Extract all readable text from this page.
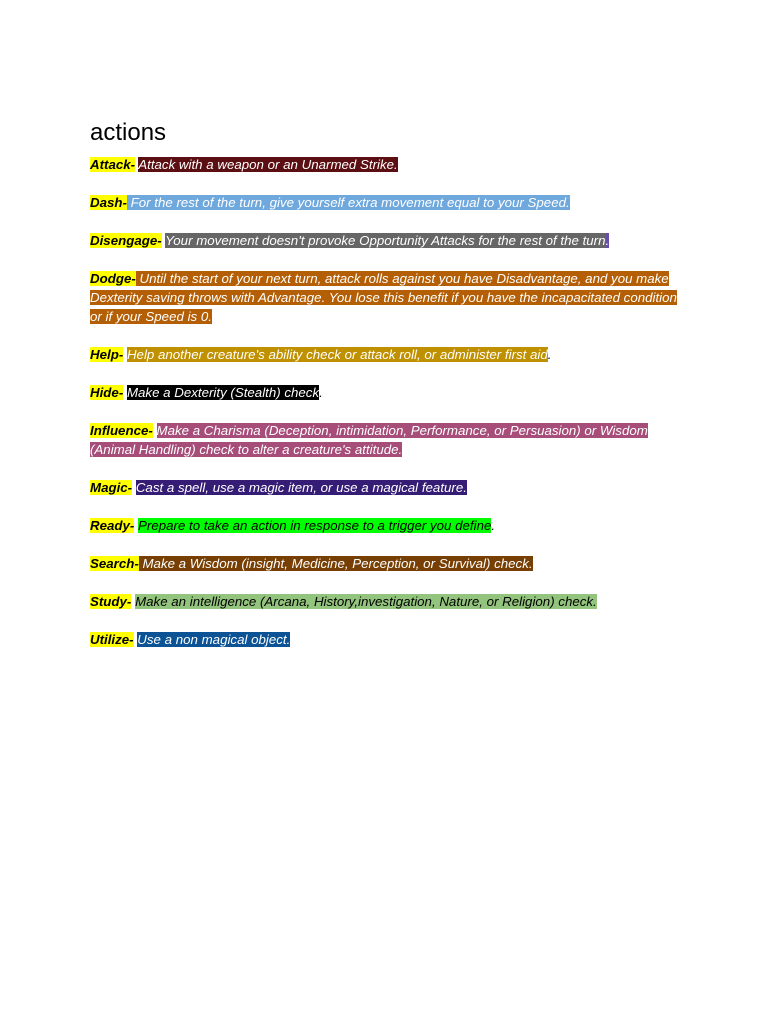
actions

Attack- Attack with a weapon or an Unarmed Strike.

Dash- For the rest of the turn, give yourself extra movement equal to your Speed.

Disengage- Your movement doesn't provoke Opportunity Attacks for the rest of the turn.

Dodge- Until the start of your next turn, attack rolls against you have Disadvantage, and you make Dexterity saving throws with Advantage. You lose this benefit if you have the incapacitated condition or if your Speed is 0.

Help- Help another creature's ability check or attack roll, or administer first aid.

Hide- Make a Dexterity (Stealth) check.

Influence- Make a Charisma (Deception, intimidation, Performance, or Persuasion) or Wisdom (Animal Handling) check to alter a creature's attitude.

Magic- Cast a spell, use a magic item, or use a magical feature.

Ready- Prepare to take an action in response to a trigger you define.

Search- Make a Wisdom (insight, Medicine, Perception, or Survival) check.

Study- Make an intelligence (Arcana, History,investigation, Nature, or Religion) check.

Utilize- Use a non magical object.
